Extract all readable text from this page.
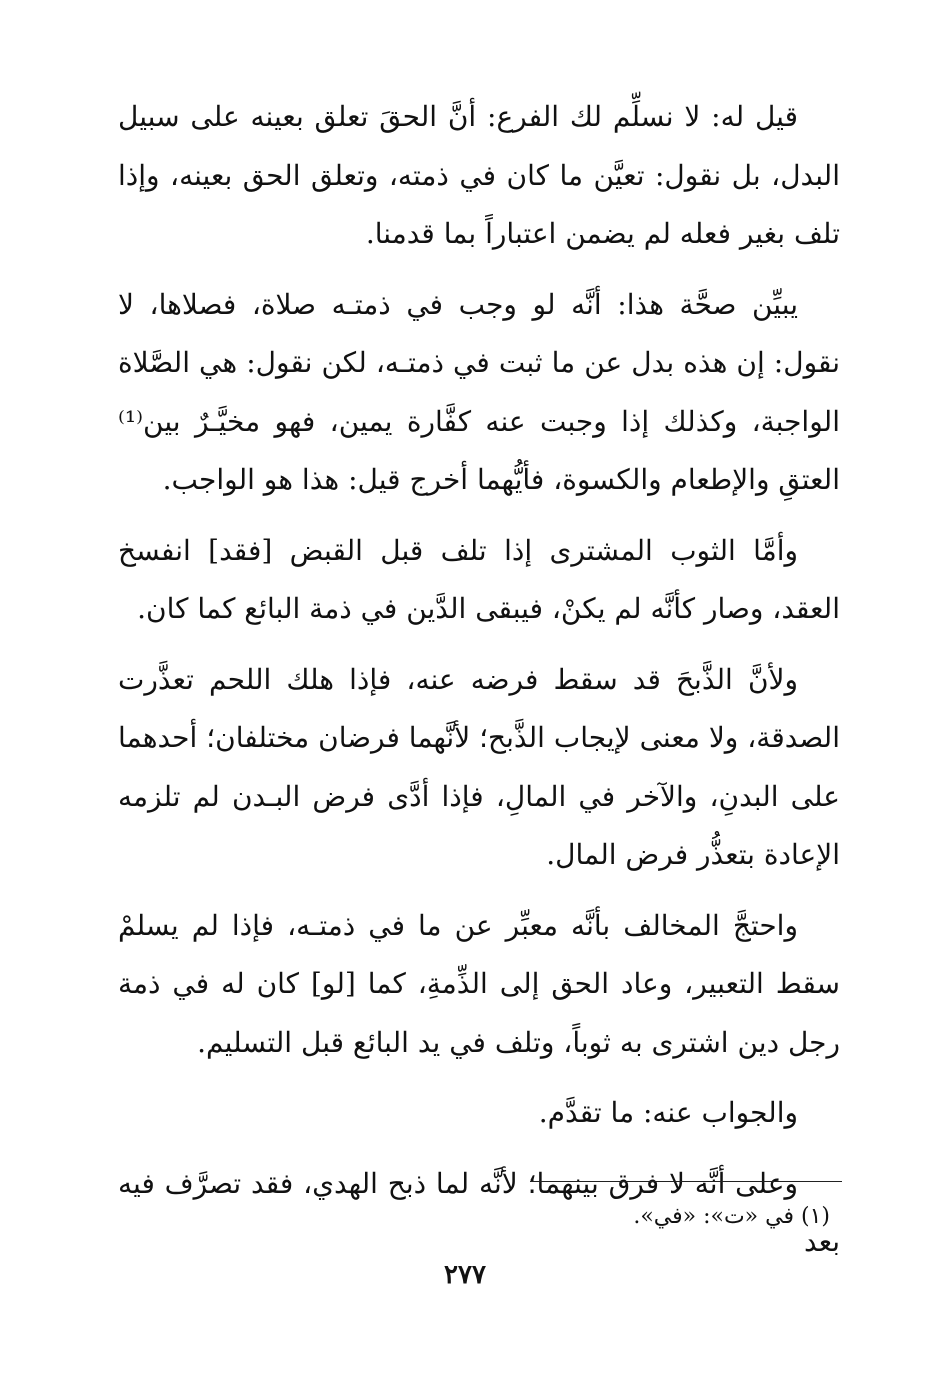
قيل له: لا نسلِّم لك الفرع: أنَّ الحقَ تعلق بعينه على سبيل البدل، بل نقول: تعيَّن ما كان في ذمته، وتعلق الحق بعينه، وإذا تلف بغير فعله لم يضمن اعتباراً بما قدمنا.

يبيِّن صحَّة هذا: أنَّه لو وجب في ذمتـه صلاة، فصلاها، لا نقول: إن هذه بدل عن ما ثبت في ذمتـه، لكن نقول: هي الصَّلاة الواجبة، وكذلك إذا وجبت عنه كفَّارة يمين، فهو مخيَّـرٌ بين⁽¹⁾ العتقِ والإطعام والكسوة، فأيُّهما أخرج قيل: هذا هو الواجب.

وأمَّا الثوب المشترى إذا تلف قبل القبض [فقد] انفسخ العقد، وصار كأنَّه لم يكنْ، فيبقى الدَّين في ذمة البائع كما كان.

ولأنَّ الذَّبحَ قد سقط فرضه عنه، فإذا هلك اللحم تعذَّرت الصدقة، ولا معنى لإيجاب الذَّبح؛ لأنَّهما فرضان مختلفان؛ أحدهما على البدنِ، والآخر في المالِ، فإذا أدَّى فرض البـدن لم تلزمه الإعادة بتعذُّر فرض المال.

واحتجَّ المخالف بأنَّه معبِّر عن ما في ذمتـه، فإذا لم يسلمْ سقط التعبير، وعاد الحق إلى الذِّمةِ، كما [لو] كان له في ذمة رجل دين اشترى به ثوباً، وتلف في يد البائع قبل التسليم.

والجواب عنه: ما تقدَّم.

وعلى أنَّه لا فرق بينهما؛ لأنَّه لما ذبح الهدي، فقد تصرَّف فيه بعد

(١) في «ت»: «في».
٢٧٧
